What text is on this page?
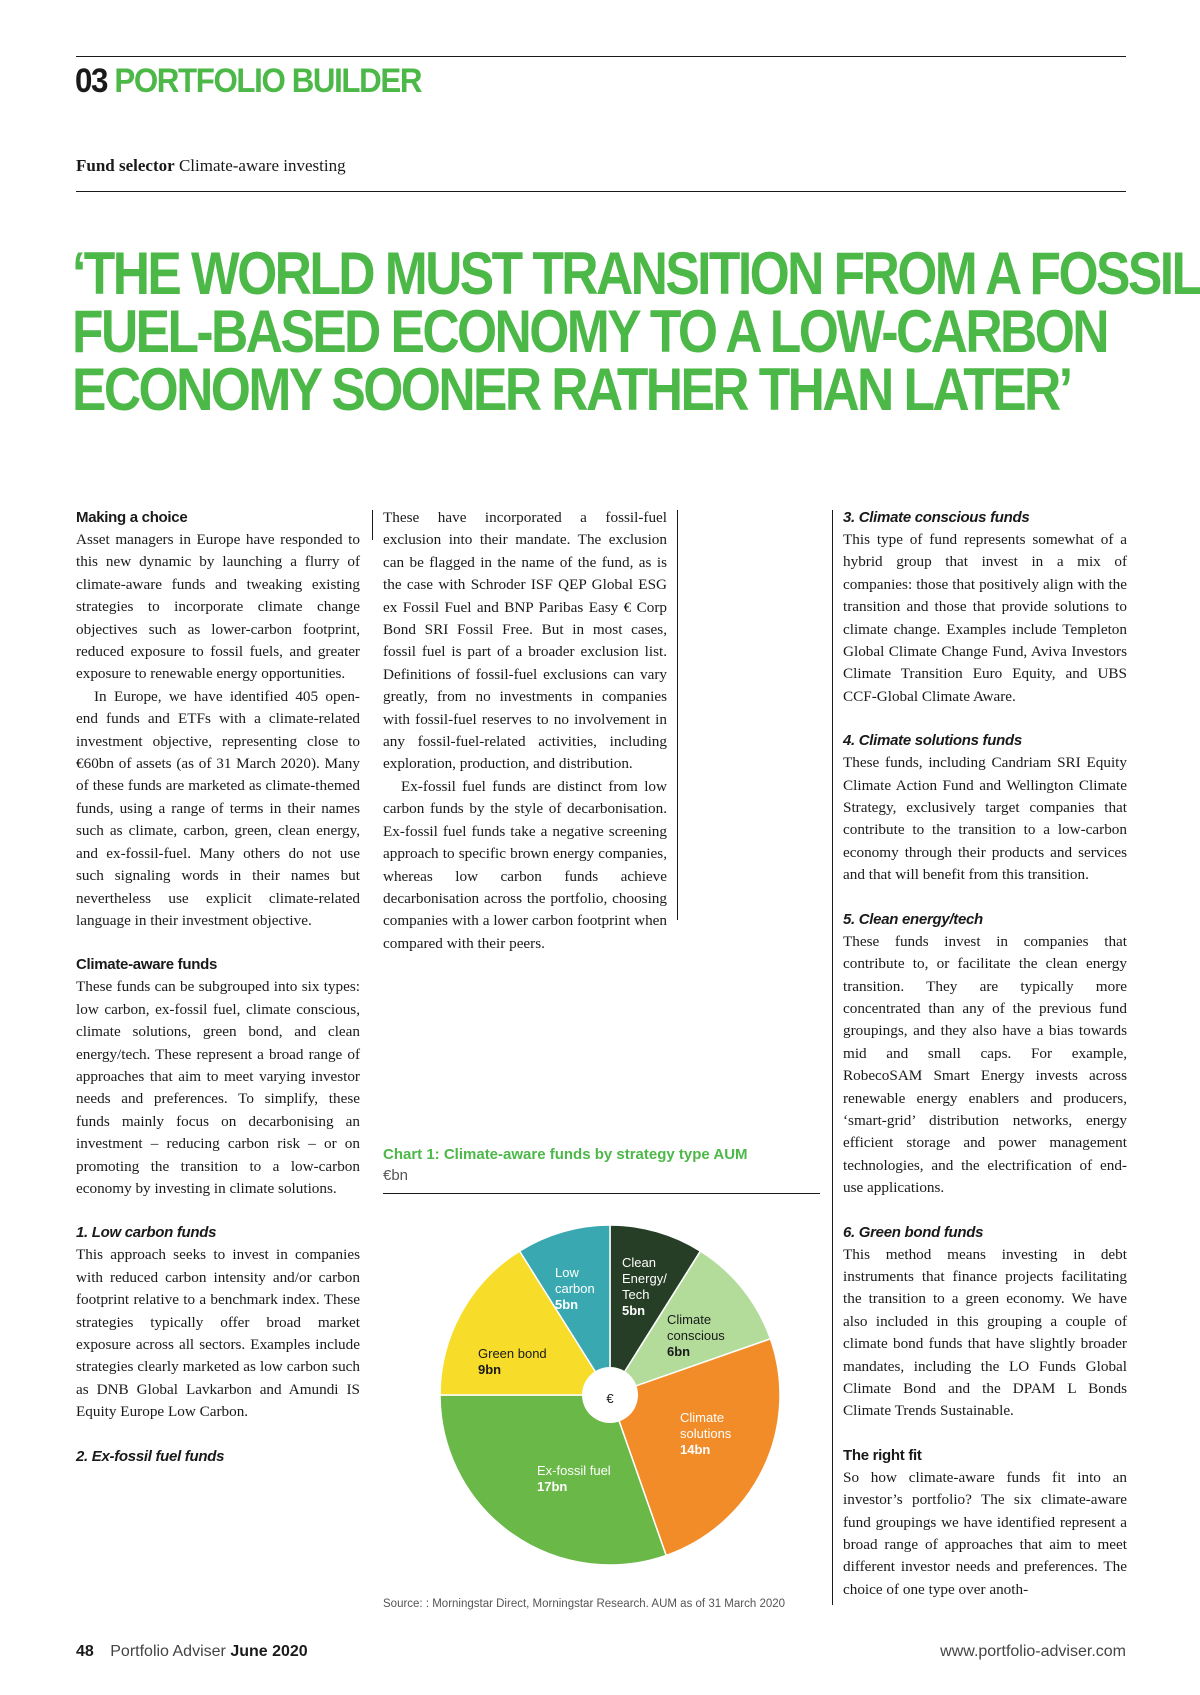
03 PORTFOLIO BUILDER
Fund selector Climate-aware investing
‘THE WORLD MUST TRANSITION FROM A FOSSIL
FUEL-BASED ECONOMY TO A LOW-CARBON
ECONOMY SOONER RATHER THAN LATER’
Making a choice

Asset managers in Europe have responded to this new dynamic by launching a flurry of climate-aware funds and tweaking existing strategies to incorporate climate change objectives such as lower-carbon footprint, reduced exposure to fossil fuels, and greater exposure to renewable energy opportunities.

In Europe, we have identified 405 open-end funds and ETFs with a climate-related investment objective, representing close to €60bn of assets (as of 31 March 2020). Many of these funds are marketed as climate-themed funds, using a range of terms in their names such as climate, carbon, green, clean energy, and ex-fossil-fuel. Many others do not use such signaling words in their names but nevertheless use explicit climate-related language in their investment objective.

Climate-aware funds

These funds can be subgrouped into six types: low carbon, ex-fossil fuel, climate conscious, climate solutions, green bond, and clean energy/tech. These represent a broad range of approaches that aim to meet varying investor needs and preferences. To simplify, these funds mainly focus on decarbonising an investment – reducing carbon risk – or on promoting the transition to a low-carbon economy by investing in climate solutions.

1. Low carbon funds

This approach seeks to invest in companies with reduced carbon intensity and/or carbon footprint relative to a benchmark index. These strategies typically offer broad market exposure across all sectors. Examples include strategies clearly marketed as low carbon such as DNB Global Lavkarbon and Amundi IS Equity Europe Low Carbon.

2. Ex-fossil fuel funds

These have incorporated a fossil-fuel exclusion into their mandate. The exclusion can be flagged in the name of the fund, as is the case with Schroder ISF QEP Global ESG ex Fossil Fuel and BNP Paribas Easy € Corp Bond SRI Fossil Free. But in most cases, fossil fuel is part of a broader exclusion list. Definitions of fossil-fuel exclusions can vary greatly, from no investments in companies with fossil-fuel reserves to no involvement in any fossil-fuel-related activities, including exploration, production, and distribution.

Ex-fossil fuel funds are distinct from low carbon funds by the style of decarbonisation. Ex-fossil fuel funds take a negative screening approach to specific brown energy companies, whereas low carbon funds achieve decarbonisation across the portfolio, choosing companies with a lower carbon footprint when compared with their peers.

Chart 1: Climate-aware funds by strategy type AUM
€bn
Clean Energy/ Tech 5bn
Climate conscious 6bn
Climate solutions 14bn
Ex-fossil fuel 17bn
Green bond 9bn
Low carbon 5bn
€
Source: : Morningstar Direct, Morningstar Research. AUM as of 31 March 2020
3. Climate conscious funds

This type of fund represents somewhat of a hybrid group that invest in a mix of companies: those that positively align with the transition and those that provide solutions to climate change. Examples include Templeton Global Climate Change Fund, Aviva Investors Climate Transition Euro Equity, and UBS CCF-Global Climate Aware.

4. Climate solutions funds

These funds, including Candriam SRI Equity Climate Action Fund and Wellington Climate Strategy, exclusively target companies that contribute to the transition to a low-carbon economy through their products and services and that will benefit from this transition.

5. Clean energy/tech

These funds invest in companies that contribute to, or facilitate the clean energy transition. They are typically more concentrated than any of the previous fund groupings, and they also have a bias towards mid and small caps. For example, RobecoSAM Smart Energy invests across renewable energy enablers and producers, ‘smart-grid’ distribution networks, energy efficient storage and power management technologies, and the electrification of end-use applications.

6. Green bond funds

This method means investing in debt instruments that finance projects facilitating the transition to a green economy. We have also included in this grouping a couple of climate bond funds that have slightly broader mandates, including the LO Funds Global Climate Bond and the DPAM L Bonds Climate Trends Sustainable.

The right fit

So how climate-aware funds fit into an investor’s portfolio? The six climate-aware fund groupings we have identified represent a broad range of approaches that aim to meet different investor needs and preferences. The choice of one type over anoth-

48 Portfolio Adviser June 2020	www.portfolio-adviser.com
